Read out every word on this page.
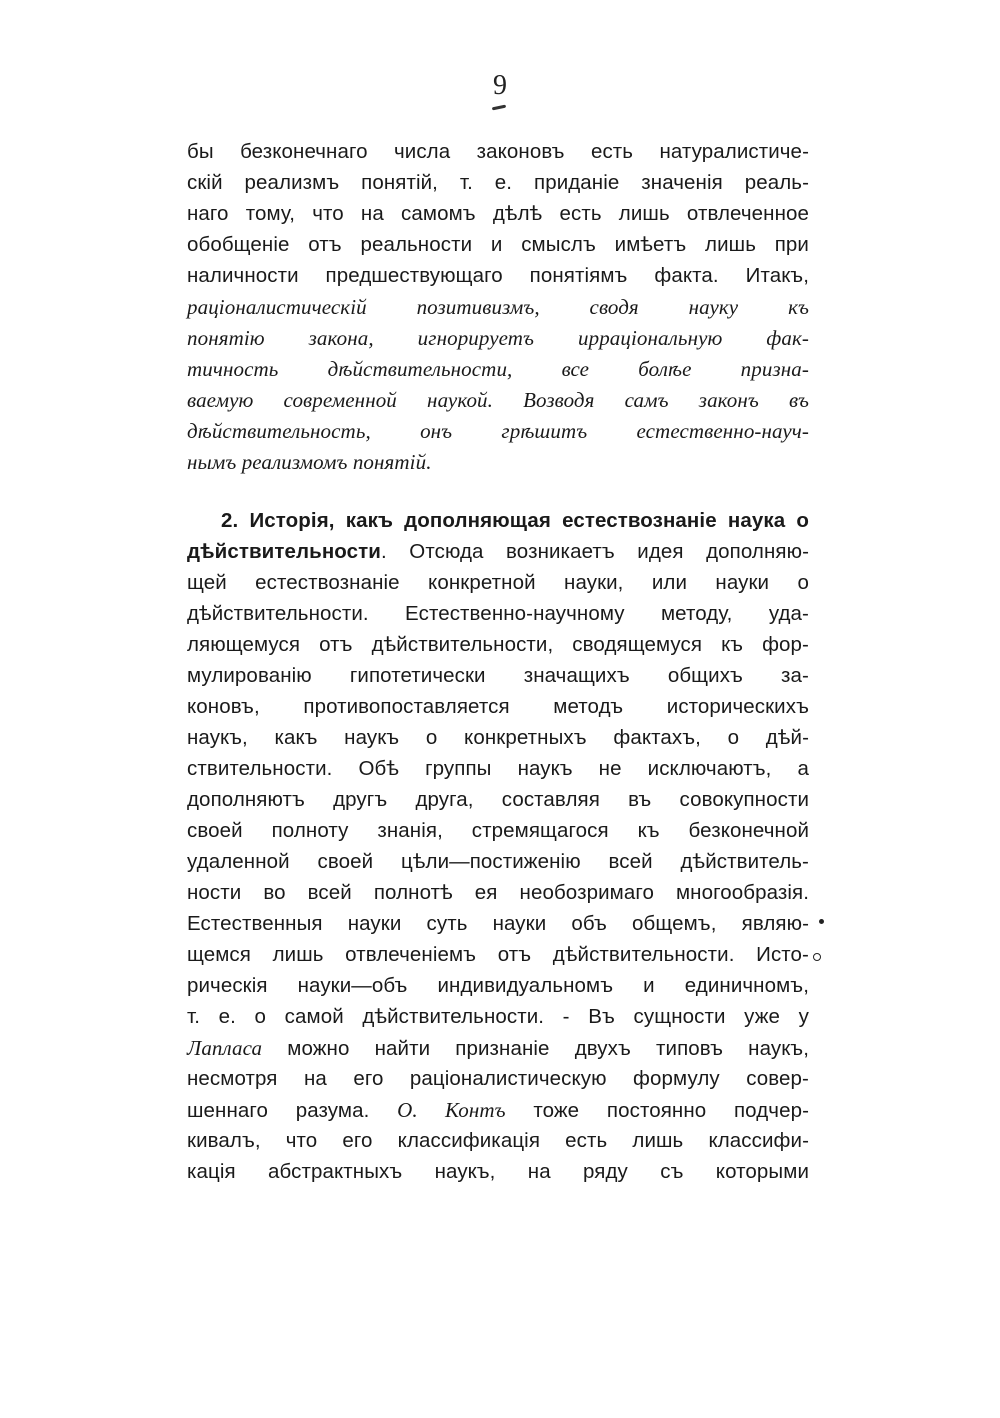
9
бы безконечнаго числа законовъ есть натуралистиче-
скій реализмъ понятій, т. е. приданіе значенія реаль-
наго тому, что на самомъ дѣлѣ есть лишь отвлеченное
обобщеніе отъ реальности и смыслъ имѣетъ лишь при
наличности предшествующаго понятіямъ факта. Итакъ,
раціоналистическій позитивизмъ, сводя науку къ
понятію закона, игнорируетъ ирраціональную фак-
тичность дѣйствительности, все болѣе призна-
ваемую современной наукой. Возводя самъ законъ въ
дѣйствительность, онъ грѣшитъ естественно-науч-
нымъ реализмомъ понятій.
2. Исторія, какъ дополняющая естествознаніе наука о
дѣйствительности. Отсюда возникаетъ идея дополняю-
щей естествознаніе конкретной науки, или науки о
дѣйствительности. Естественно-научному методу, уда-
ляющемуся отъ дѣйствительности, сводящемуся къ фор-
мулированію гипотетически значащихъ общихъ за-
коновъ, противопоставляется методъ историческихъ
наукъ, какъ наукъ о конкретныхъ фактахъ, о дѣй-
ствительности. Обѣ группы наукъ не исключаютъ, а
дополняютъ другъ друга, составляя въ совокупности
своей полноту знанія, стремящагося къ безконечной
удаленной своей цѣли—постиженію всей дѣйствитель-
ности во всей полнотѣ ея необозримаго многообразія.
Естественныя науки суть науки объ общемъ, являю-
щемся лишь отвлеченіемъ отъ дѣйствительности. Исто-
рическія науки—объ индивидуальномъ и единичномъ,
т. е. о самой дѣйствительности. - Въ сущности уже у
Лапласа можно найти признаніе двухъ типовъ наукъ,
несмотря на его раціоналистическую формулу совер-
шеннаго разума. О. Контъ тоже постоянно подчер-
кивалъ, что его классификація есть лишь классифи-
кація абстрактныхъ наукъ, на ряду съ которыми
